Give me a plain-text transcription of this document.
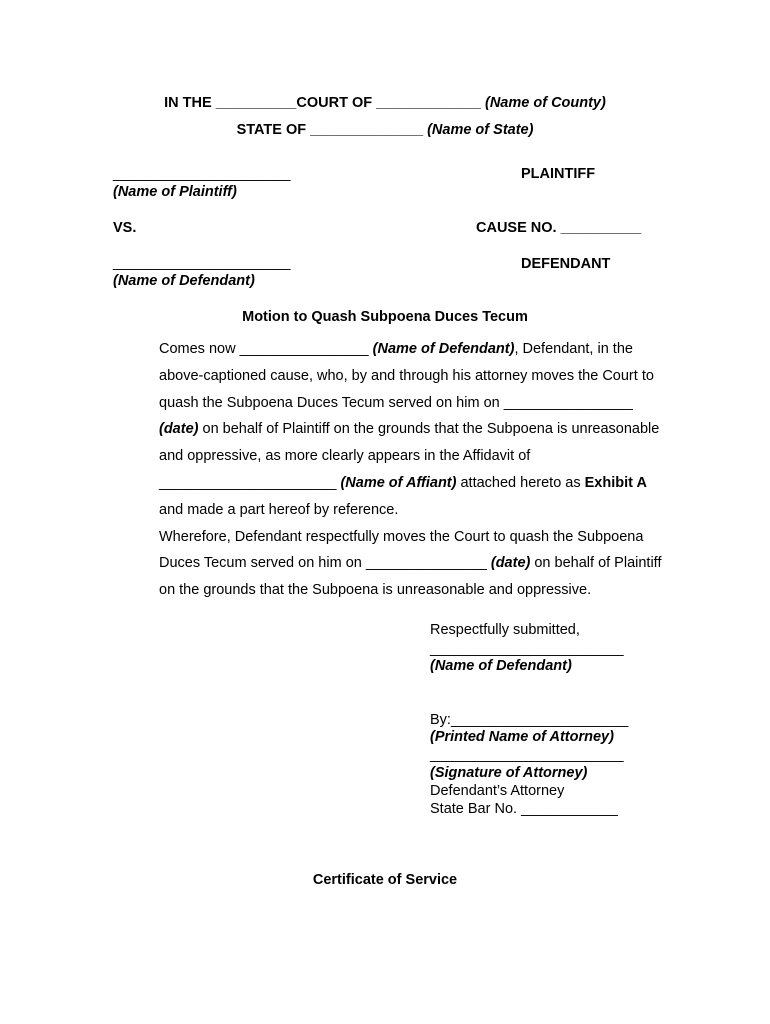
IN THE __________COURT OF _____________ (Name of County)
STATE OF ______________ (Name of State)
______________________
(Name of Plaintiff)
PLAINTIFF
VS.	CAUSE NO. __________
______________________
(Name of Defendant)
DEFENDANT
Motion to Quash Subpoena Duces Tecum

Comes now ________________ (Name of Defendant), Defendant, in the above-captioned cause, who, by and through his attorney moves the Court to quash the Subpoena Duces Tecum served on him on ________________ (date) on behalf of Plaintiff on the grounds that the Subpoena is unreasonable and oppressive, as more clearly appears in the Affidavit of ______________________ (Name of Affiant) attached hereto as Exhibit A and made a part hereof by reference.

Wherefore, Defendant respectfully moves the Court to quash the Subpoena Duces Tecum served on him on _______________ (date) on behalf of Plaintiff on the grounds that the Subpoena is unreasonable and oppressive.

Respectfully submitted,
________________________
(Name of Defendant)
By:______________________
(Printed Name of Attorney)
________________________
(Signature of Attorney)
Defendant’s Attorney
State Bar No. ____________
Certificate of Service
